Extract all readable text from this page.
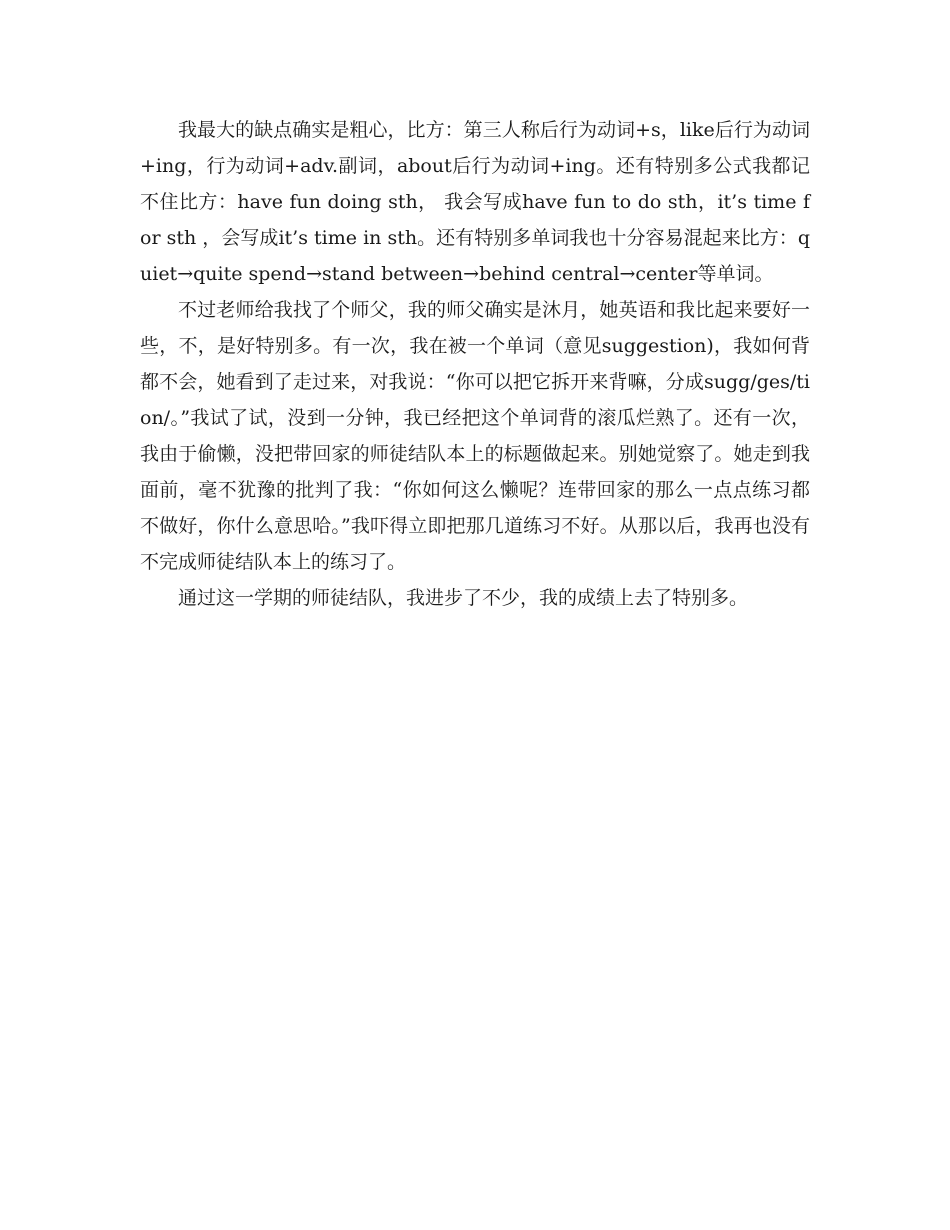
我最大的缺点确实是粗心，比方：第三人称后行为动词+s，like后行为动词+ing，行为动词+adv.副词，about后行为动词+ing。还有特别多公式我都记不住比方：have fun doing sth， 我会写成have fun to do sth，it’s time for sth ，会写成it’s time in sth。还有特别多单词我也十分容易混起来比方：quiet→quite spend→stand between→behind central→center等单词。

不过老师给我找了个师父，我的师父确实是沐月，她英语和我比起来要好一些，不，是好特别多。有一次，我在被一个单词（意见suggestion)，我如何背都不会，她看到了走过来，对我说：“你可以把它拆开来背嘛，分成sugg/ges/tion/。”我试了试，没到一分钟，我已经把这个单词背的滚瓜烂熟了。还有一次，我由于偷懒，没把带回家的师徒结队本上的标题做起来。别她觉察了。她走到我面前，毫不犹豫的批判了我：“你如何这么懒呢？连带回家的那么一点点练习都不做好，你什么意思哈。”我吓得立即把那几道练习不好。从那以后，我再也没有不完成师徒结队本上的练习了。

通过这一学期的师徒结队，我进步了不少，我的成绩上去了特别多。
